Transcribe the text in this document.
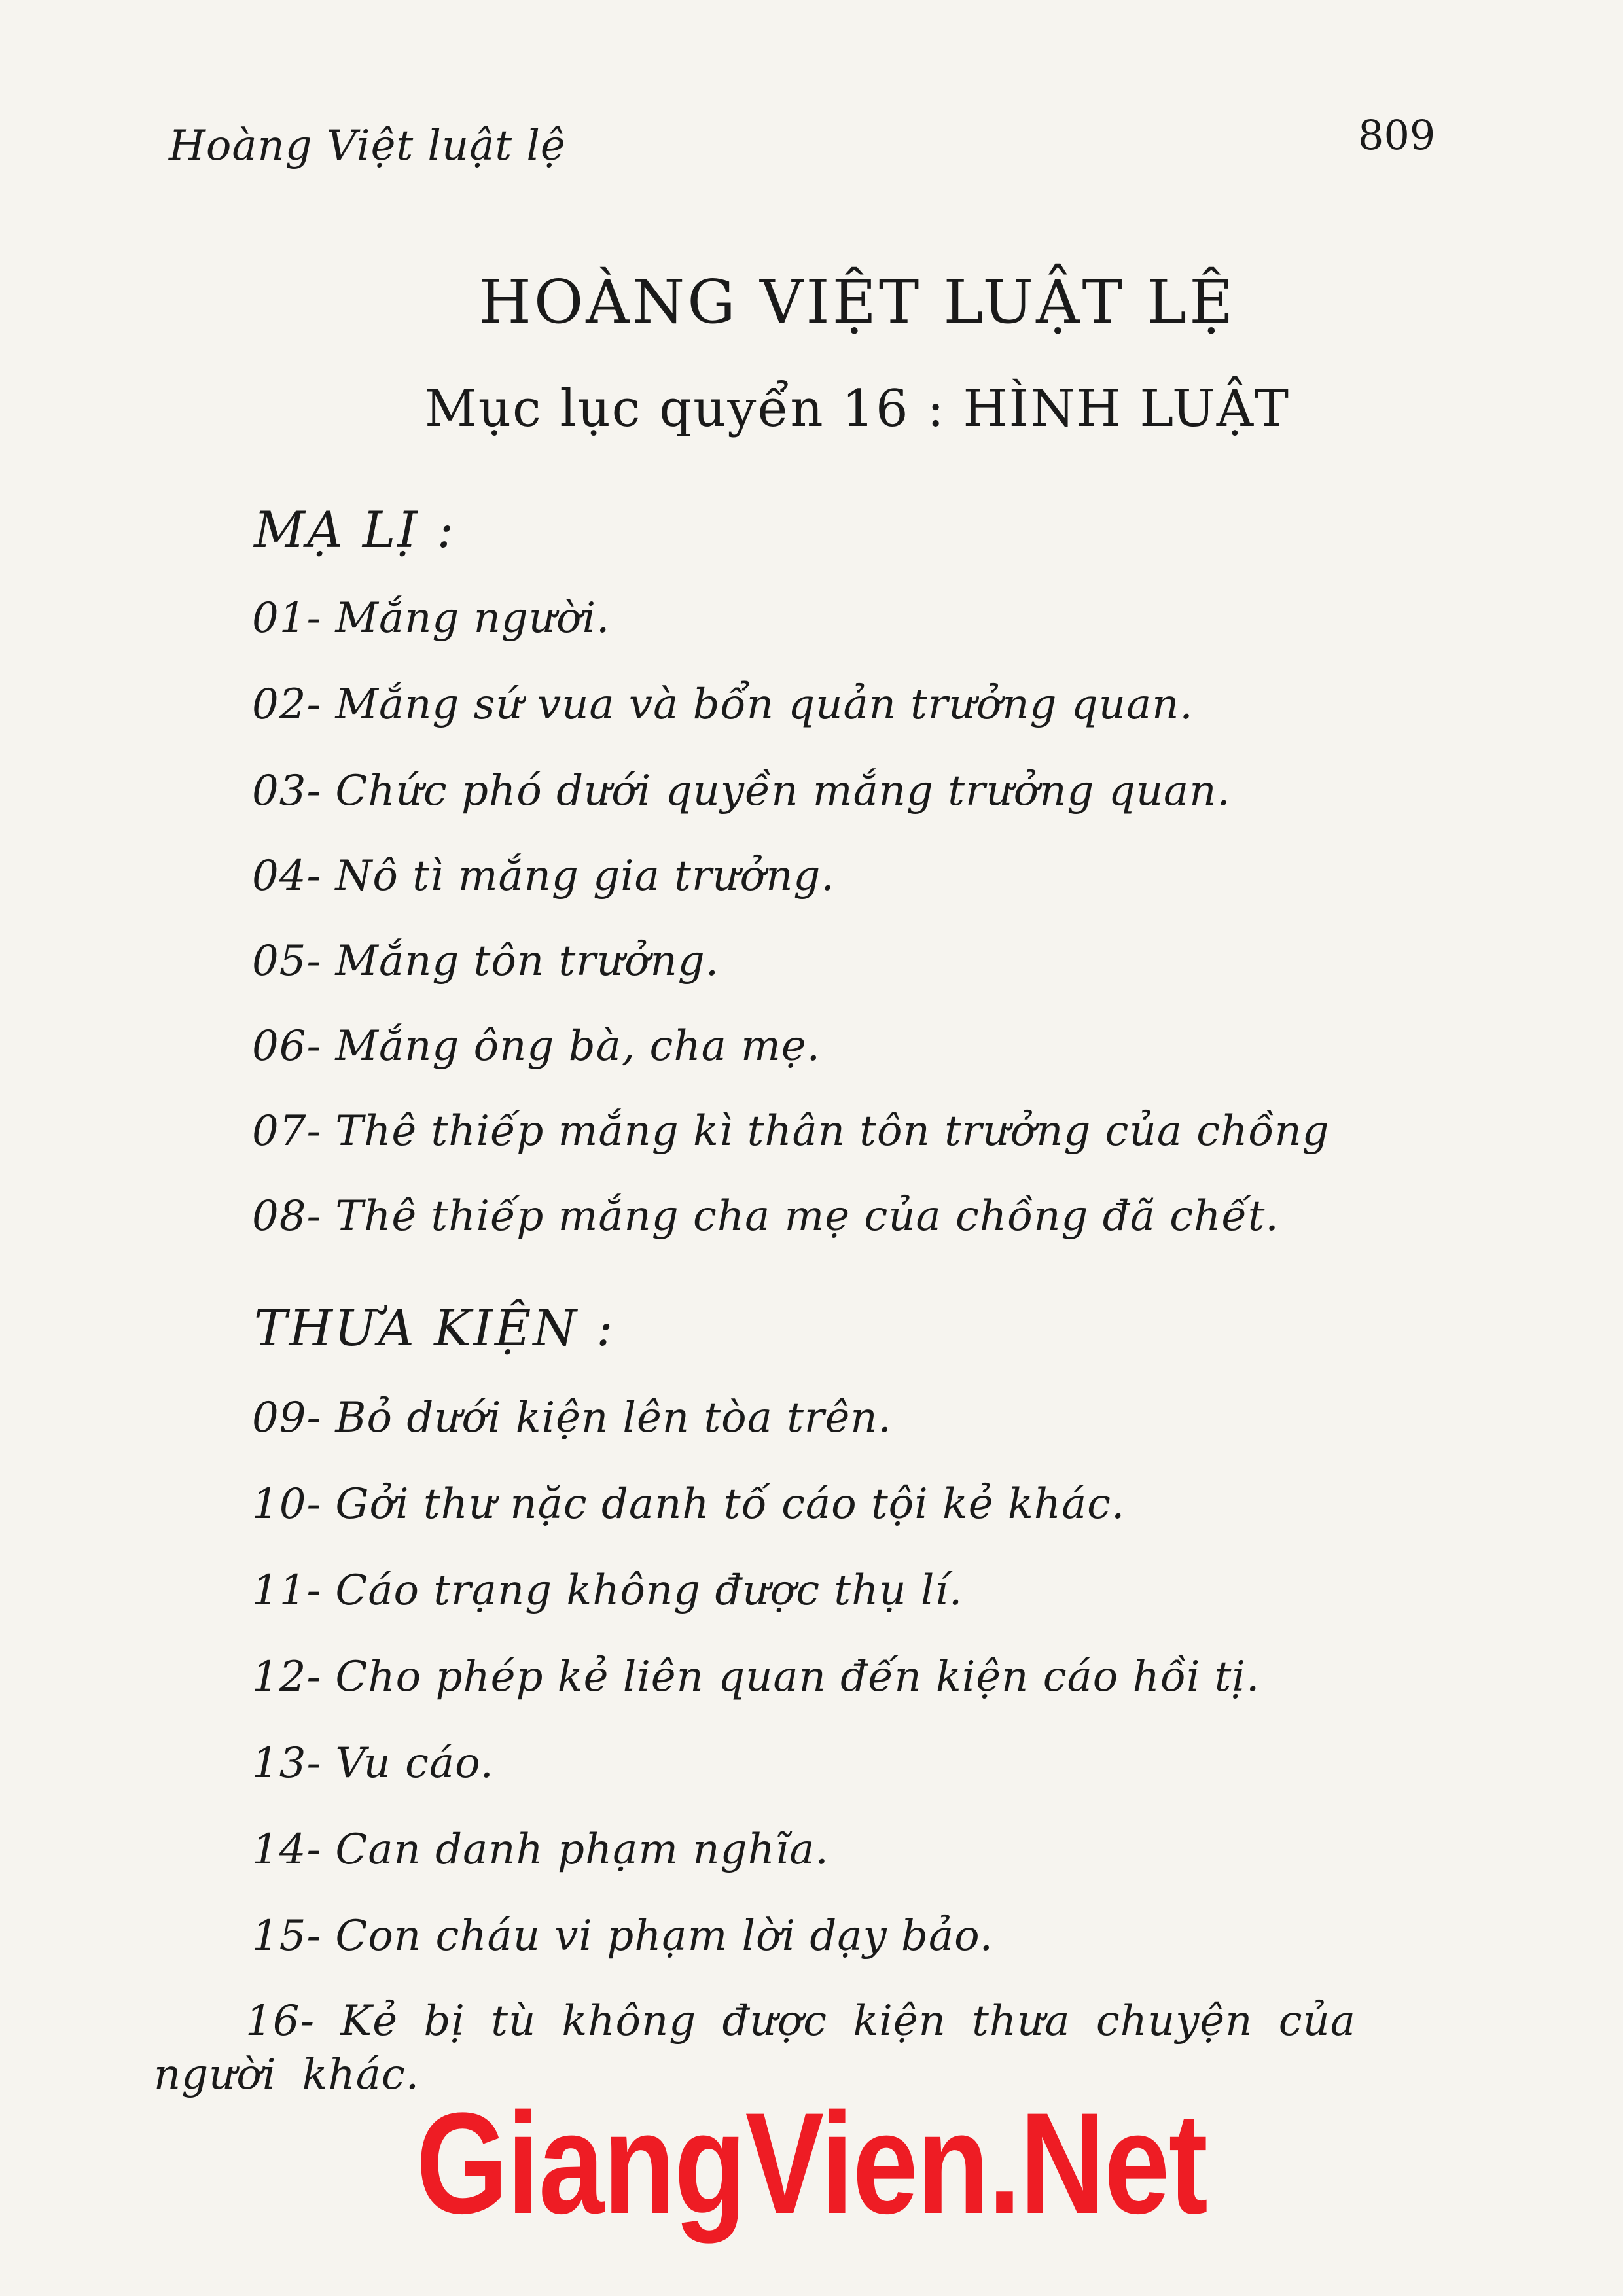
Hoàng Việt luật lệ	809
HOÀNG VIỆT LUẬT LỆ
Mục lục quyển 16 : HÌNH LUẬT
MẠ LỊ :
01- Mắng người.
02- Mắng sứ vua và bổn quản trưởng quan.
03- Chức phó dưới quyền mắng trưởng quan.
04- Nô tì mắng gia trưởng.
05- Mắng tôn trưởng.
06- Mắng ông bà, cha mẹ.
07- Thê thiếp mắng kì thân tôn trưởng của chồng
08- Thê thiếp mắng cha mẹ của chồng đã chết.
THƯA KIỆN :
09- Bỏ dưới kiện lên tòa trên.
10- Gởi thư nặc danh tố cáo tội kẻ khác.
11- Cáo trạng không được thụ lí.
12- Cho phép kẻ liên quan đến kiện cáo hồi tị.
13- Vu cáo.
14- Can danh phạm nghĩa.
15- Con cháu vi phạm lời dạy bảo.
16- Kẻ bị tù không được kiện thưa chuyện của người khác.
GiangVien.Net
